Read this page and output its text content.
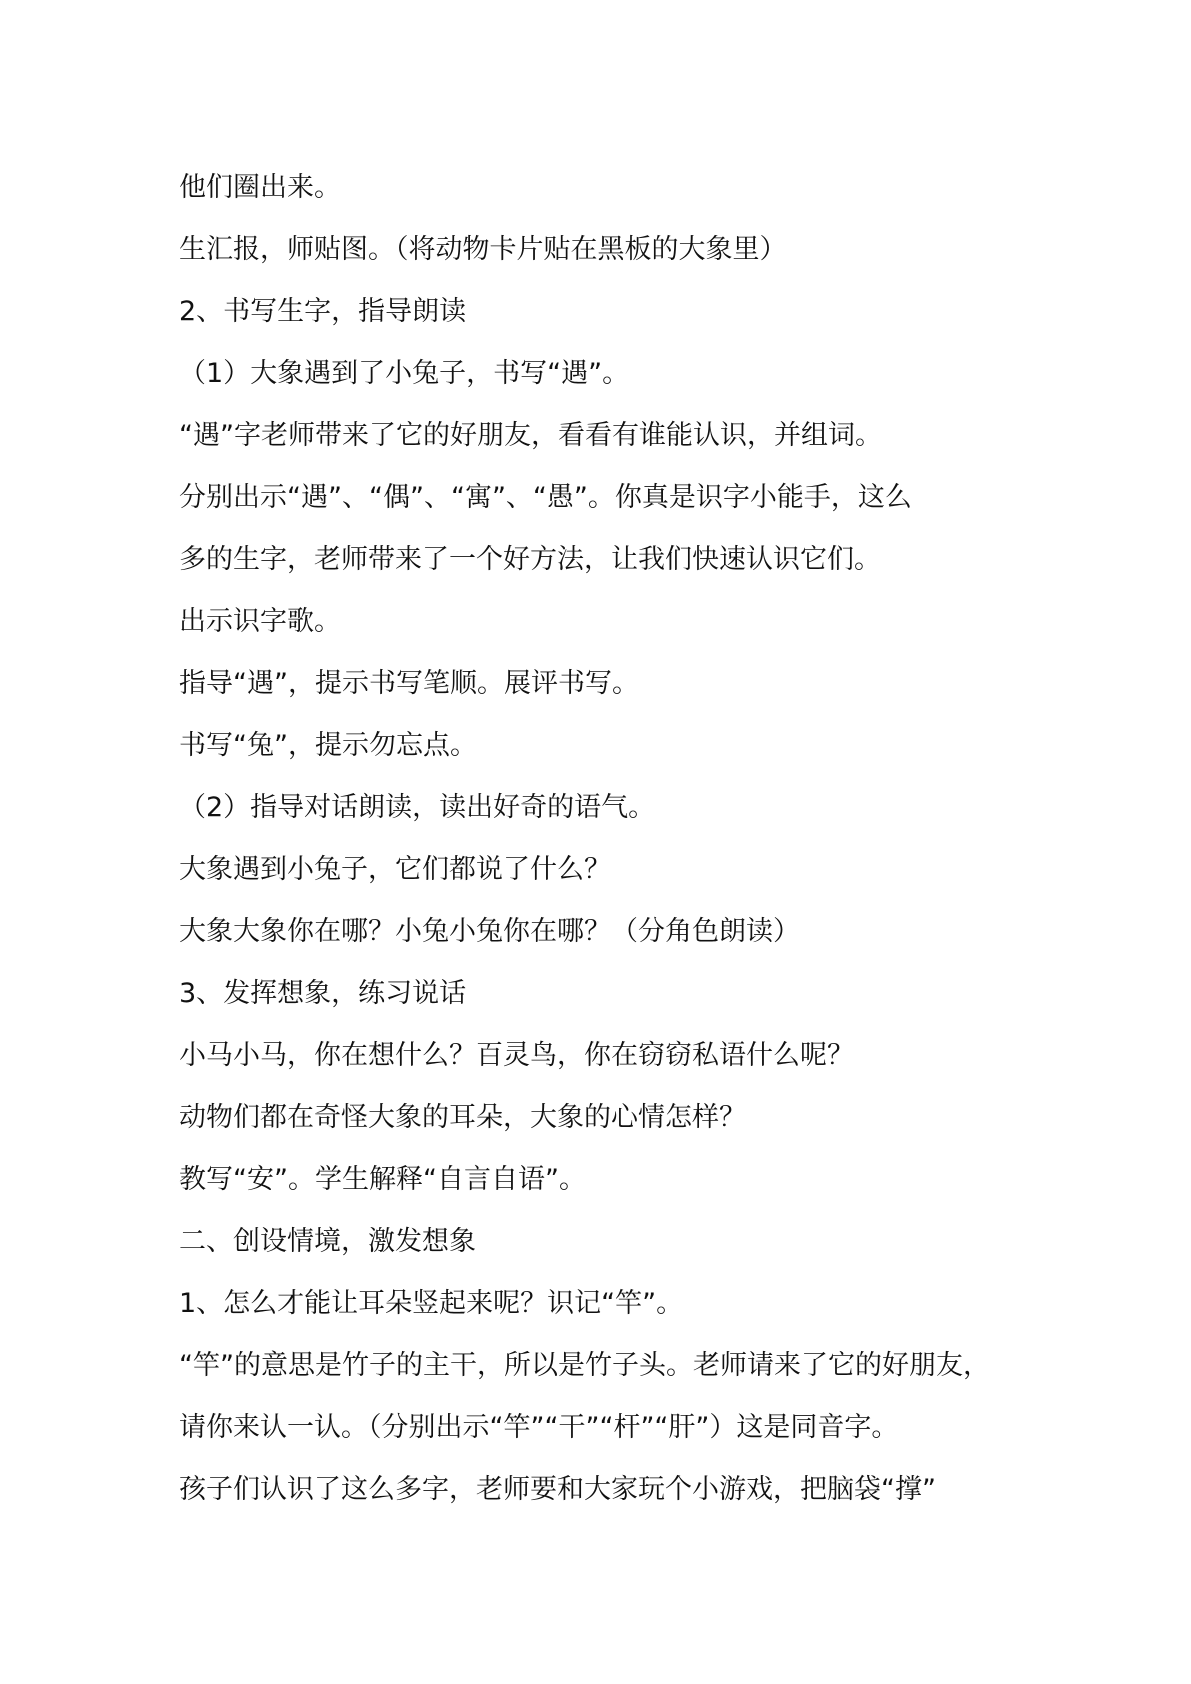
他们圈出来。
生汇报，师贴图。（将动物卡片贴在黑板的大象里）
2、书写生字，指导朗读
（1）大象遇到了小兔子，书写“遇”。
“遇”字老师带来了它的好朋友，看看有谁能认识，并组词。
分别出示“遇”、“偶”、“寓”、“愚”。你真是识字小能手，这么
多的生字，老师带来了一个好方法，让我们快速认识它们。
出示识字歌。
指导“遇”，提示书写笔顺。展评书写。
书写“兔”，提示勿忘点。
（2）指导对话朗读，读出好奇的语气。
大象遇到小兔子，它们都说了什么？
大象大象你在哪？小兔小兔你在哪？（分角色朗读）
3、发挥想象，练习说话
小马小马，你在想什么？百灵鸟，你在窃窃私语什么呢？
动物们都在奇怪大象的耳朵，大象的心情怎样？
教写“安”。学生解释“自言自语”。
二、创设情境，激发想象
1、怎么才能让耳朵竖起来呢？识记“竿”。
“竿”的意思是竹子的主干，所以是竹子头。老师请来了它的好朋友，
请你来认一认。（分别出示“竿”“干”“杆”“肝”）这是同音字。
孩子们认识了这么多字，老师要和大家玩个小游戏，把脑袋“撑”
